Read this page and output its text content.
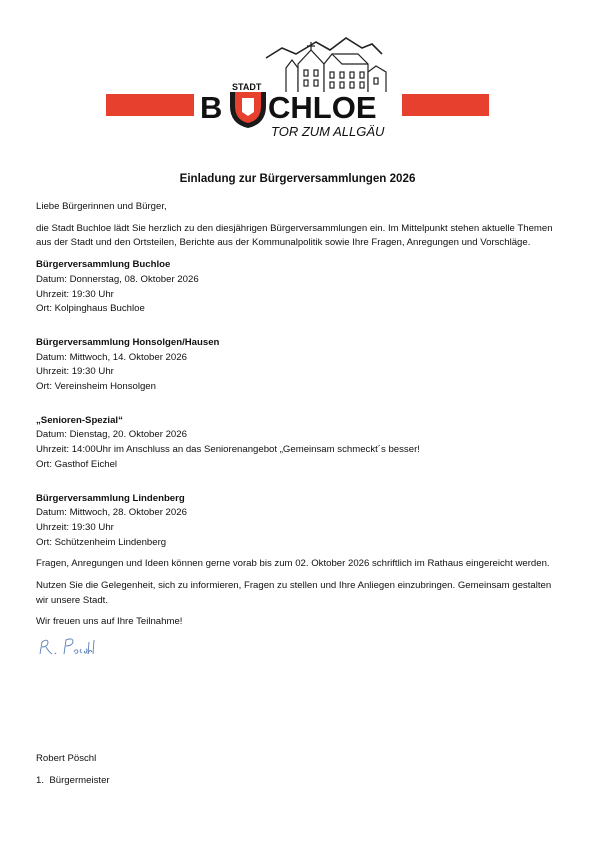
STADT
B CHLOE
TOR ZUM ALLGÄU
Einladung zur Bürgerversammlungen 2026

Liebe Bürgerinnen und Bürger,

die Stadt Buchloe lädt Sie herzlich zu den diesjährigen Bürgerversammlungen ein. Im Mittelpunkt stehen aktuelle Themen aus der Stadt und den Ortsteilen, Berichte aus der Kommunalpolitik sowie Ihre Fragen, Anregungen und Vorschläge.

Bürgerversammlung Buchloe

Datum: Donnerstag, 08. Oktober 2026

Uhrzeit: 19:30 Uhr

Ort: Kolpinghaus Buchloe

Bürgerversammlung Honsolgen/Hausen

Datum: Mittwoch, 14. Oktober 2026

Uhrzeit: 19:30 Uhr

Ort: Vereinsheim Honsolgen

„Senioren-Spezial“

Datum: Dienstag, 20. Oktober 2026

Uhrzeit: 14:00Uhr im Anschluss an das Seniorenangebot „Gemeinsam schmeckt´s besser!

Ort: Gasthof Eichel

Bürgerversammlung Lindenberg

Datum: Mittwoch, 28. Oktober 2026

Uhrzeit: 19:30 Uhr

Ort: Schützenheim Lindenberg

Fragen, Anregungen und Ideen können gerne vorab bis zum 02. Oktober 2026 schriftlich im Rathaus eingereicht werden.

Nutzen Sie die Gelegenheit, sich zu informieren, Fragen zu stellen und Ihre Anliegen einzubringen. Gemeinsam gestalten wir unsere Stadt.

Wir freuen uns auf Ihre Teilnahme!

Robert Pöschl

1. Bürgermeister
